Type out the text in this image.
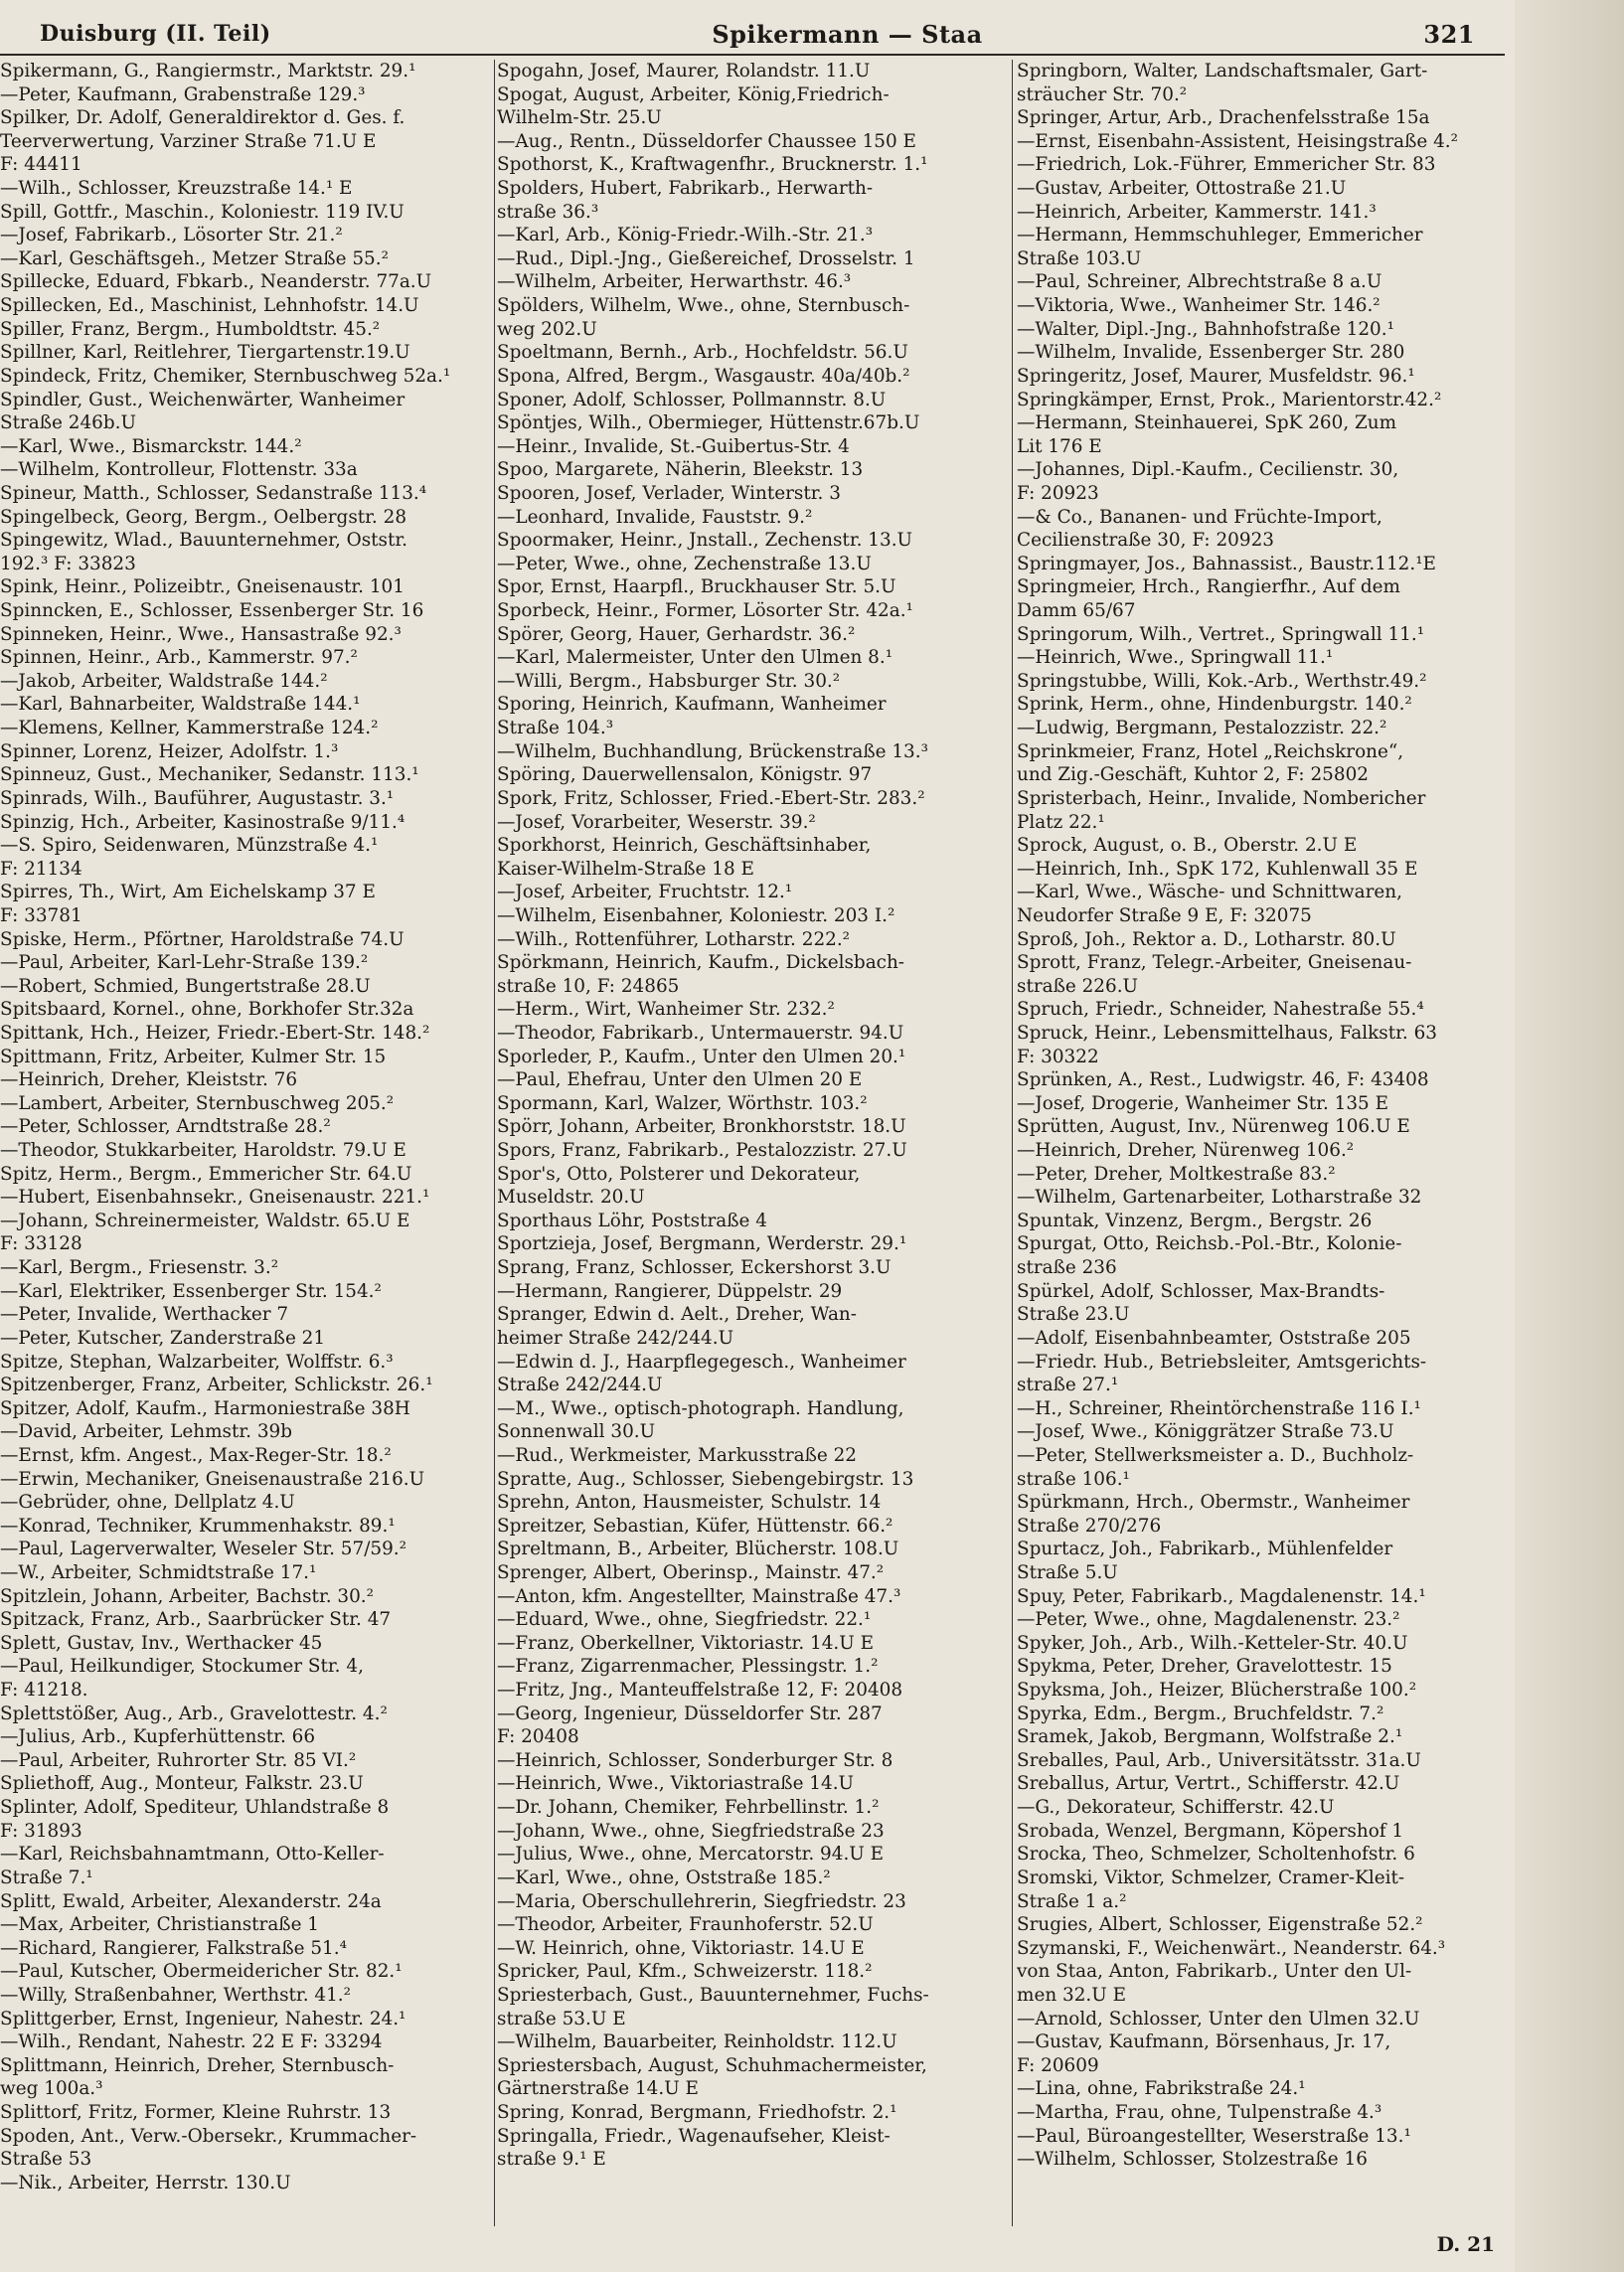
Duisburg (II. Teil)	Spikermann — Staa	321
Spikermann, G., Rangiermstr., Marktstr. 29.¹
—Peter, Kaufmann, Grabenstraße 129.³
Spilker, Dr. Adolf, Generaldirektor d. Ges. f.
Teerverwertung, Varziner Straße 71.U E
F: 44411
—Wilh., Schlosser, Kreuzstraße 14.¹ E
Spill, Gottfr., Maschin., Koloniestr. 119 IV.U
—Josef, Fabrikarb., Lösorter Str. 21.²
—Karl, Geschäftsgeh., Metzer Straße 55.²
Spillecke, Eduard, Fbkarb., Neanderstr. 77a.U
Spillecken, Ed., Maschinist, Lehnhofstr. 14.U
Spiller, Franz, Bergm., Humboldtstr. 45.²
Spillner, Karl, Reitlehrer, Tiergartenstr.19.U
Spindeck, Fritz, Chemiker, Sternbuschweg 52a.¹
Spindler, Gust., Weichenwärter, Wanheimer
Straße 246b.U
—Karl, Wwe., Bismarckstr. 144.²
—Wilhelm, Kontrolleur, Flottenstr. 33a
Spineur, Matth., Schlosser, Sedanstraße 113.⁴
Spingelbeck, Georg, Bergm., Oelbergstr. 28
Spingewitz, Wlad., Bauunternehmer, Oststr.
192.³ F: 33823
Spink, Heinr., Polizeibtr., Gneisenaustr. 101
Spinncken, E., Schlosser, Essenberger Str. 16
Spinneken, Heinr., Wwe., Hansastraße 92.³
Spinnen, Heinr., Arb., Kammerstr. 97.²
—Jakob, Arbeiter, Waldstraße 144.²
—Karl, Bahnarbeiter, Waldstraße 144.¹
—Klemens, Kellner, Kammerstraße 124.²
Spinner, Lorenz, Heizer, Adolfstr. 1.³
Spinneuz, Gust., Mechaniker, Sedanstr. 113.¹
Spinrads, Wilh., Bauführer, Augustastr. 3.¹
Spinzig, Hch., Arbeiter, Kasinostraße 9/11.⁴
—S. Spiro, Seidenwaren, Münzstraße 4.¹
F: 21134
Spirres, Th., Wirt, Am Eichelskamp 37 E
F: 33781
Spiske, Herm., Pförtner, Haroldstraße 74.U
—Paul, Arbeiter, Karl-Lehr-Straße 139.²
—Robert, Schmied, Bungertstraße 28.U
Spitsbaard, Kornel., ohne, Borkhofer Str.32a
Spittank, Hch., Heizer, Friedr.-Ebert-Str. 148.²
Spittmann, Fritz, Arbeiter, Kulmer Str. 15
—Heinrich, Dreher, Kleiststr. 76
—Lambert, Arbeiter, Sternbuschweg 205.²
—Peter, Schlosser, Arndtstraße 28.²
—Theodor, Stukkarbeiter, Haroldstr. 79.U E
Spitz, Herm., Bergm., Emmericher Str. 64.U
—Hubert, Eisenbahnsekr., Gneisenaustr. 221.¹
—Johann, Schreinermeister, Waldstr. 65.U E
F: 33128
—Karl, Bergm., Friesenstr. 3.²
—Karl, Elektriker, Essenberger Str. 154.²
—Peter, Invalide, Werthacker 7
—Peter, Kutscher, Zanderstraße 21
Spitze, Stephan, Walzarbeiter, Wolffstr. 6.³
Spitzenberger, Franz, Arbeiter, Schlickstr. 26.¹
Spitzer, Adolf, Kaufm., Harmoniestraße 38H
—David, Arbeiter, Lehmstr. 39b
—Ernst, kfm. Angest., Max-Reger-Str. 18.²
—Erwin, Mechaniker, Gneisenaustraße 216.U
—Gebrüder, ohne, Dellplatz 4.U
—Konrad, Techniker, Krummenhakstr. 89.¹
—Paul, Lagerverwalter, Weseler Str. 57/59.²
—W., Arbeiter, Schmidtstraße 17.¹
Spitzlein, Johann, Arbeiter, Bachstr. 30.²
Spitzack, Franz, Arb., Saarbrücker Str. 47
Splett, Gustav, Inv., Werthacker 45
—Paul, Heilkundiger, Stockumer Str. 4,
F: 41218.
Splettstößer, Aug., Arb., Gravelottestr. 4.²
—Julius, Arb., Kupferhüttenstr. 66
—Paul, Arbeiter, Ruhrorter Str. 85 VI.²
Spliethoff, Aug., Monteur, Falkstr. 23.U
Splinter, Adolf, Spediteur, Uhlandstraße 8
F: 31893
—Karl, Reichsbahnamtmann, Otto-Keller-
Straße 7.¹
Splitt, Ewald, Arbeiter, Alexanderstr. 24a
—Max, Arbeiter, Christianstraße 1
—Richard, Rangierer, Falkstraße 51.⁴
—Paul, Kutscher, Obermeidericher Str. 82.¹
—Willy, Straßenbahner, Werthstr. 41.²
Splittgerber, Ernst, Ingenieur, Nahestr. 24.¹
—Wilh., Rendant, Nahestr. 22 E F: 33294
Splittmann, Heinrich, Dreher, Sternbusch-
weg 100a.³
Splittorf, Fritz, Former, Kleine Ruhrstr. 13
Spoden, Ant., Verw.-Obersekr., Krummacher-
Straße 53
—Nik., Arbeiter, Herrstr. 130.U
Spogahn, Josef, Maurer, Rolandstr. 11.U
Spogat, August, Arbeiter, König,Friedrich-
Wilhelm-Str. 25.U
—Aug., Rentn., Düsseldorfer Chaussee 150 E
Spothorst, K., Kraftwagenfhr., Brucknerstr. 1.¹
Spolders, Hubert, Fabrikarb., Herwarth-
straße 36.³
—Karl, Arb., König-Friedr.-Wilh.-Str. 21.³
—Rud., Dipl.-Jng., Gießereichef, Drosselstr. 1
—Wilhelm, Arbeiter, Herwarthstr. 46.³
Spölders, Wilhelm, Wwe., ohne, Sternbusch-
weg 202.U
Spoeltmann, Bernh., Arb., Hochfeldstr. 56.U
Spona, Alfred, Bergm., Wasgaustr. 40a/40b.²
Sponer, Adolf, Schlosser, Pollmannstr. 8.U
Spöntjes, Wilh., Obermieger, Hüttenstr.67b.U
—Heinr., Invalide, St.-Guibertus-Str. 4
Spoo, Margarete, Näherin, Bleekstr. 13
Spooren, Josef, Verlader, Winterstr. 3
—Leonhard, Invalide, Fauststr. 9.²
Spoormaker, Heinr., Jnstall., Zechenstr. 13.U
—Peter, Wwe., ohne, Zechenstraße 13.U
Spor, Ernst, Haarpfl., Bruckhauser Str. 5.U
Sporbeck, Heinr., Former, Lösorter Str. 42a.¹
Spörer, Georg, Hauer, Gerhardstr. 36.²
—Karl, Malermeister, Unter den Ulmen 8.¹
—Willi, Bergm., Habsburger Str. 30.²
Sporing, Heinrich, Kaufmann, Wanheimer
Straße 104.³
—Wilhelm, Buchhandlung, Brückenstraße 13.³
Spöring, Dauerwellensalon, Königstr. 97
Spork, Fritz, Schlosser, Fried.-Ebert-Str. 283.²
—Josef, Vorarbeiter, Weserstr. 39.²
Sporkhorst, Heinrich, Geschäftsinhaber,
Kaiser-Wilhelm-Straße 18 E
—Josef, Arbeiter, Fruchtstr. 12.¹
—Wilhelm, Eisenbahner, Koloniestr. 203 I.²
—Wilh., Rottenführer, Lotharstr. 222.²
Spörkmann, Heinrich, Kaufm., Dickelsbach-
straße 10, F: 24865
—Herm., Wirt, Wanheimer Str. 232.²
—Theodor, Fabrikarb., Untermauerstr. 94.U
Sporleder, P., Kaufm., Unter den Ulmen 20.¹
—Paul, Ehefrau, Unter den Ulmen 20 E
Spormann, Karl, Walzer, Wörthstr. 103.²
Spörr, Johann, Arbeiter, Bronkhorststr. 18.U
Spors, Franz, Fabrikarb., Pestalozzistr. 27.U
Spor's, Otto, Polsterer und Dekorateur,
Museldstr. 20.U
Sporthaus Löhr, Poststraße 4
Sportzieja, Josef, Bergmann, Werderstr. 29.¹
Sprang, Franz, Schlosser, Eckershorst 3.U
—Hermann, Rangierer, Düppelstr. 29
Spranger, Edwin d. Aelt., Dreher, Wan-
heimer Straße 242/244.U
—Edwin d. J., Haarpflegegesch., Wanheimer
Straße 242/244.U
—M., Wwe., optisch-photograph. Handlung,
Sonnenwall 30.U
—Rud., Werkmeister, Markusstraße 22
Spratte, Aug., Schlosser, Siebengebirgstr. 13
Sprehn, Anton, Hausmeister, Schulstr. 14
Spreitzer, Sebastian, Küfer, Hüttenstr. 66.²
Spreltmann, B., Arbeiter, Blücherstr. 108.U
Sprenger, Albert, Oberinsp., Mainstr. 47.²
—Anton, kfm. Angestellter, Mainstraße 47.³
—Eduard, Wwe., ohne, Siegfriedstr. 22.¹
—Franz, Oberkellner, Viktoriastr. 14.U E
—Franz, Zigarrenmacher, Plessingstr. 1.²
—Fritz, Jng., Manteuffelstraße 12, F: 20408
—Georg, Ingenieur, Düsseldorfer Str. 287
F: 20408
—Heinrich, Schlosser, Sonderburger Str. 8
—Heinrich, Wwe., Viktoriastraße 14.U
—Dr. Johann, Chemiker, Fehrbellinstr. 1.²
—Johann, Wwe., ohne, Siegfriedstraße 23
—Julius, Wwe., ohne, Mercatorstr. 94.U E
—Karl, Wwe., ohne, Oststraße 185.²
—Maria, Oberschullehrerin, Siegfriedstr. 23
—Theodor, Arbeiter, Fraunhoferstr. 52.U
—W. Heinrich, ohne, Viktoriastr. 14.U E
Spricker, Paul, Kfm., Schweizerstr. 118.²
Spriesterbach, Gust., Bauunternehmer, Fuchs-
straße 53.U E
—Wilhelm, Bauarbeiter, Reinholdstr. 112.U
Spriestersbach, August, Schuhmachermeister,
Gärtnerstraße 14.U E
Spring, Konrad, Bergmann, Friedhofstr. 2.¹
Springalla, Friedr., Wagenaufseher, Kleist-
straße 9.¹ E
Springborn, Walter, Landschaftsmaler, Gart-
sträucher Str. 70.²
Springer, Artur, Arb., Drachenfelsstraße 15a
—Ernst, Eisenbahn-Assistent, Heisingstraße 4.²
—Friedrich, Lok.-Führer, Emmericher Str. 83
—Gustav, Arbeiter, Ottostraße 21.U
—Heinrich, Arbeiter, Kammerstr. 141.³
—Hermann, Hemmschuhleger, Emmericher
Straße 103.U
—Paul, Schreiner, Albrechtstraße 8 a.U
—Viktoria, Wwe., Wanheimer Str. 146.²
—Walter, Dipl.-Jng., Bahnhofstraße 120.¹
—Wilhelm, Invalide, Essenberger Str. 280
Springeritz, Josef, Maurer, Musfeldstr. 96.¹
Springkämper, Ernst, Prok., Marientorstr.42.²
—Hermann, Steinhauerei, SpK 260, Zum
Lit 176 E
—Johannes, Dipl.-Kaufm., Cecilienstr. 30,
F: 20923
—& Co., Bananen- und Früchte-Import,
Cecilienstraße 30, F: 20923
Springmayer, Jos., Bahnassist., Baustr.112.¹E
Springmeier, Hrch., Rangierfhr., Auf dem
Damm 65/67
Springorum, Wilh., Vertret., Springwall 11.¹
—Heinrich, Wwe., Springwall 11.¹
Springstubbe, Willi, Kok.-Arb., Werthstr.49.²
Sprink, Herm., ohne, Hindenburgstr. 140.²
—Ludwig, Bergmann, Pestalozzistr. 22.²
Sprinkmeier, Franz, Hotel „Reichskrone“,
und Zig.-Geschäft, Kuhtor 2, F: 25802
Spristerbach, Heinr., Invalide, Nombericher
Platz 22.¹
Sprock, August, o. B., Oberstr. 2.U E
—Heinrich, Inh., SpK 172, Kuhlenwall 35 E
—Karl, Wwe., Wäsche- und Schnittwaren,
Neudorfer Straße 9 E, F: 32075
Sproß, Joh., Rektor a. D., Lotharstr. 80.U
Sprott, Franz, Telegr.-Arbeiter, Gneisenau-
straße 226.U
Spruch, Friedr., Schneider, Nahestraße 55.⁴
Spruck, Heinr., Lebensmittelhaus, Falkstr. 63
F: 30322
Sprünken, A., Rest., Ludwigstr. 46, F: 43408
—Josef, Drogerie, Wanheimer Str. 135 E
Sprütten, August, Inv., Nürenweg 106.U E
—Heinrich, Dreher, Nürenweg 106.²
—Peter, Dreher, Moltkestraße 83.²
—Wilhelm, Gartenarbeiter, Lotharstraße 32
Spuntak, Vinzenz, Bergm., Bergstr. 26
Spurgat, Otto, Reichsb.-Pol.-Btr., Kolonie-
straße 236
Spürkel, Adolf, Schlosser, Max-Brandts-
Straße 23.U
—Adolf, Eisenbahnbeamter, Oststraße 205
—Friedr. Hub., Betriebsleiter, Amtsgerichts-
straße 27.¹
—H., Schreiner, Rheintörchenstraße 116 I.¹
—Josef, Wwe., Königgrätzer Straße 73.U
—Peter, Stellwerksmeister a. D., Buchholz-
straße 106.¹
Spürkmann, Hrch., Obermstr., Wanheimer
Straße 270/276
Spurtacz, Joh., Fabrikarb., Mühlenfelder
Straße 5.U
Spuy, Peter, Fabrikarb., Magdalenenstr. 14.¹
—Peter, Wwe., ohne, Magdalenenstr. 23.²
Spyker, Joh., Arb., Wilh.-Ketteler-Str. 40.U
Spykma, Peter, Dreher, Gravelottestr. 15
Spyksma, Joh., Heizer, Blücherstraße 100.²
Spyrka, Edm., Bergm., Bruchfeldstr. 7.²
Sramek, Jakob, Bergmann, Wolfstraße 2.¹
Sreballes, Paul, Arb., Universitätsstr. 31a.U
Sreballus, Artur, Vertrt., Schifferstr. 42.U
—G., Dekorateur, Schifferstr. 42.U
Srobada, Wenzel, Bergmann, Köpershof 1
Srocka, Theo, Schmelzer, Scholtenhofstr. 6
Sromski, Viktor, Schmelzer, Cramer-Kleit-
Straße 1 a.²
Srugies, Albert, Schlosser, Eigenstraße 52.²
Szymanski, F., Weichenwärt., Neanderstr. 64.³
von Staa, Anton, Fabrikarb., Unter den Ul-
men 32.U E
—Arnold, Schlosser, Unter den Ulmen 32.U
—Gustav, Kaufmann, Börsenhaus, Jr. 17,
F: 20609
—Lina, ohne, Fabrikstraße 24.¹
—Martha, Frau, ohne, Tulpenstraße 4.³
—Paul, Büroangestellter, Weserstraße 13.¹
—Wilhelm, Schlosser, Stolzestraße 16
D. 21
